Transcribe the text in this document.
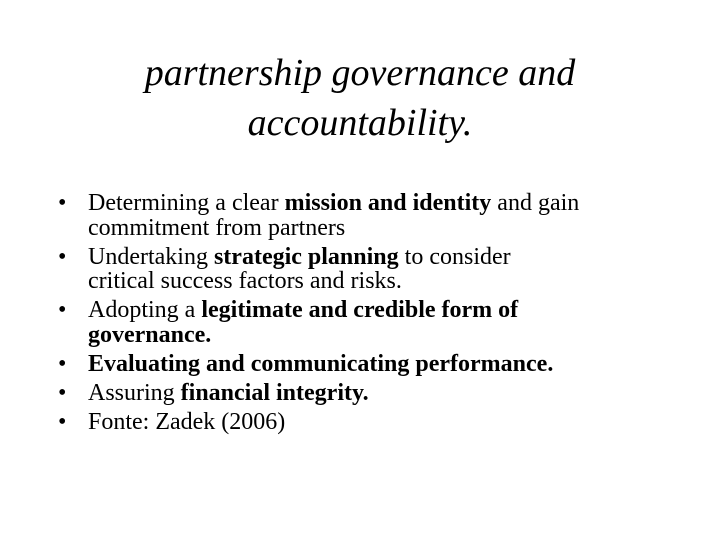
partnership governance and
accountability.
• Determining a clear mission and identity and gain
commitment from partners
• Undertaking strategic planning to consider
critical success factors and risks.
• Adopting a legitimate and credible form of
governance.
• Evaluating and communicating performance.
• Assuring financial integrity.
• Fonte: Zadek (2006)
